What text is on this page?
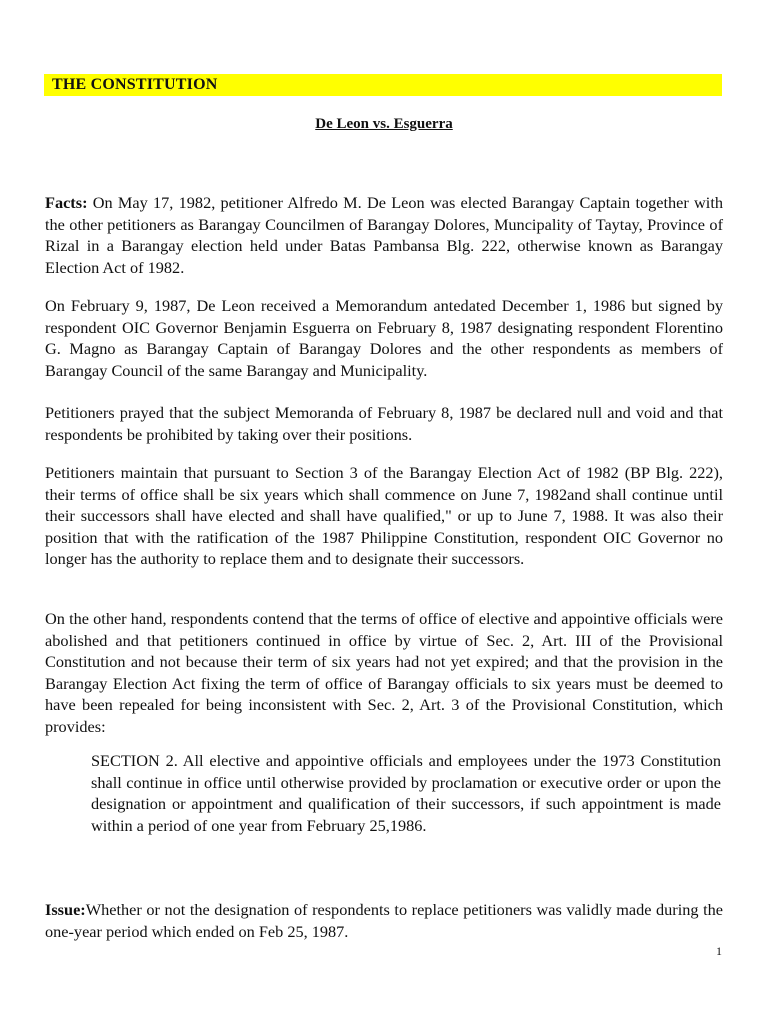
THE CONSTITUTION
De Leon vs. Esguerra
Facts: On May 17, 1982, petitioner Alfredo M. De Leon was elected Barangay Captain together with the other petitioners as Barangay Councilmen of Barangay Dolores, Muncipality of Taytay, Province of Rizal in a Barangay election held under Batas Pambansa Blg. 222, otherwise known as Barangay Election Act of 1982.
On February 9, 1987, De Leon received a Memorandum antedated December 1, 1986 but signed by respondent OIC Governor Benjamin Esguerra on February 8, 1987 designating respondent Florentino G. Magno as Barangay Captain of Barangay Dolores and the other respondents as members of Barangay Council of the same Barangay and Municipality.
Petitioners prayed that the subject Memoranda of February 8, 1987 be declared null and void and that respondents be prohibited by taking over their positions.
Petitioners maintain that pursuant to Section 3 of the Barangay Election Act of 1982 (BP Blg. 222), their terms of office shall be six years which shall commence on June 7, 1982and shall continue until their successors shall have elected and shall have qualified," or up to June 7, 1988. It was also their position that with the ratification of the 1987 Philippine Constitution, respondent OIC Governor no longer has the authority to replace them and to designate their successors.
On the other hand, respondents contend that the terms of office of elective and appointive officials were abolished and that petitioners continued in office by virtue of Sec. 2, Art. III of the Provisional Constitution and not because their term of six years had not yet expired; and that the provision in the Barangay Election Act fixing the term of office of Barangay officials to six years must be deemed to have been repealed for being inconsistent with Sec. 2, Art. 3 of the Provisional Constitution, which provides:
SECTION 2. All elective and appointive officials and employees under the 1973 Constitution shall continue in office until otherwise provided by proclamation or executive order or upon the designation or appointment and qualification of their successors, if such appointment is made within a period of one year from February 25,1986.
Issue:Whether or not the designation of respondents to replace petitioners was validly made during the one-year period which ended on Feb 25, 1987.
1
